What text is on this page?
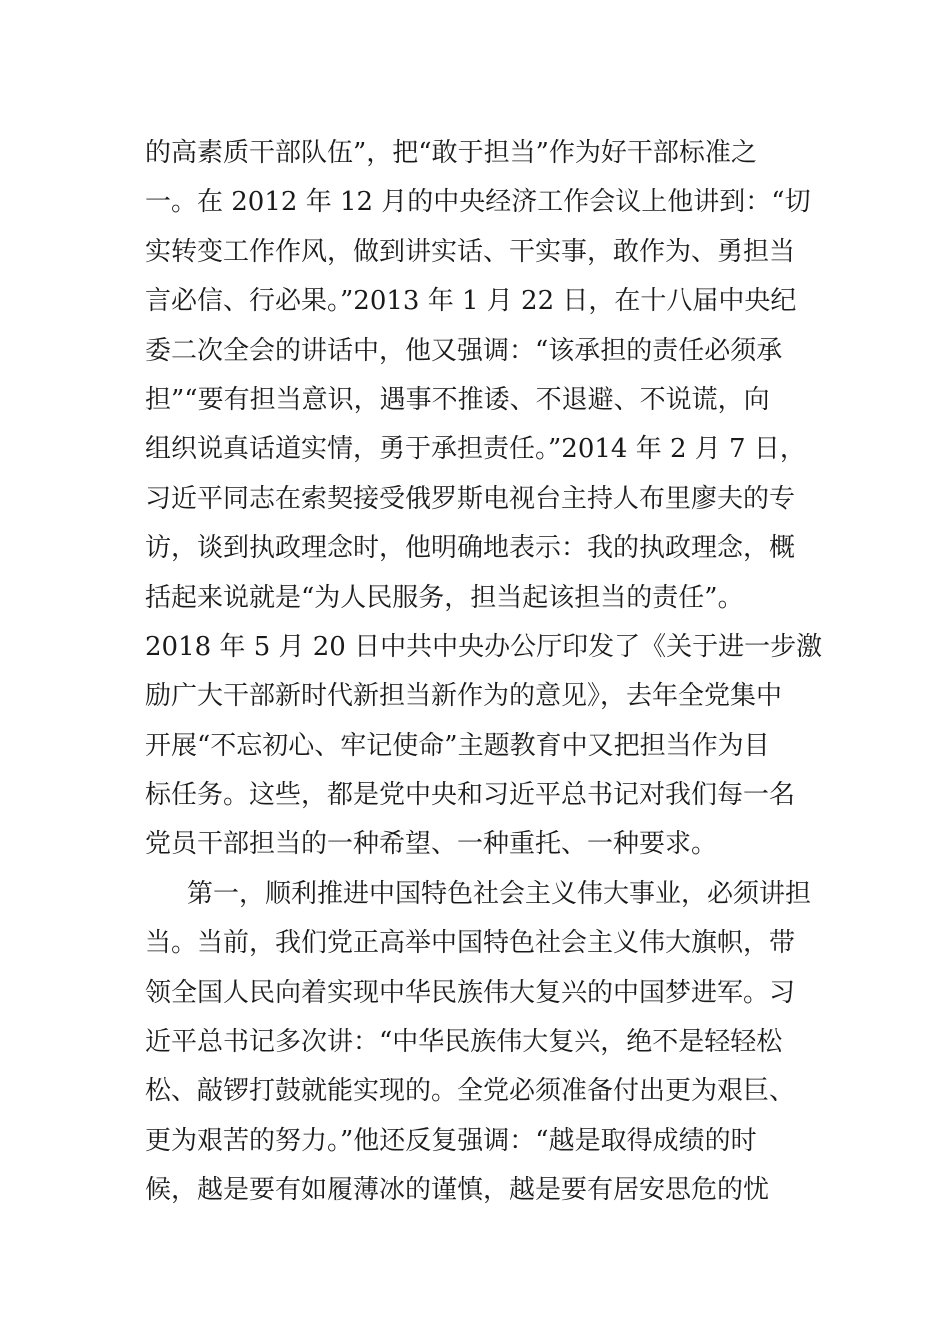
的高素质干部队伍”，把“敢于担当”作为好干部标准之
一。在 2012 年 12 月的中央经济工作会议上他讲到：“切
实转变工作作风，做到讲实话、干实事，敢作为、勇担当
言必信、行必果。”2013 年 1 月 22 日，在十八届中央纪
委二次全会的讲话中，他又强调：“该承担的责任必须承
担”“要有担当意识，遇事不推诿、不退避、不说谎，向
组织说真话道实情，勇于承担责任。”2014 年 2 月 7 日，
习近平同志在索契接受俄罗斯电视台主持人布里廖夫的专
访，谈到执政理念时，他明确地表示：我的执政理念，概
括起来说就是“为人民服务，担当起该担当的责任”。
2018 年 5 月 20 日中共中央办公厅印发了《关于进一步激
励广大干部新时代新担当新作为的意见》，去年全党集中
开展“不忘初心、牢记使命”主题教育中又把担当作为目
标任务。这些，都是党中央和习近平总书记对我们每一名
党员干部担当的一种希望、一种重托、一种要求。
第一，顺利推进中国特色社会主义伟大事业，必须讲担
当。当前，我们党正高举中国特色社会主义伟大旗帜，带
领全国人民向着实现中华民族伟大复兴的中国梦进军。习
近平总书记多次讲：“中华民族伟大复兴，绝不是轻轻松
松、敲锣打鼓就能实现的。全党必须准备付出更为艰巨、
更为艰苦的努力。”他还反复强调：“越是取得成绩的时
候，越是要有如履薄冰的谨慎，越是要有居安思危的忧
